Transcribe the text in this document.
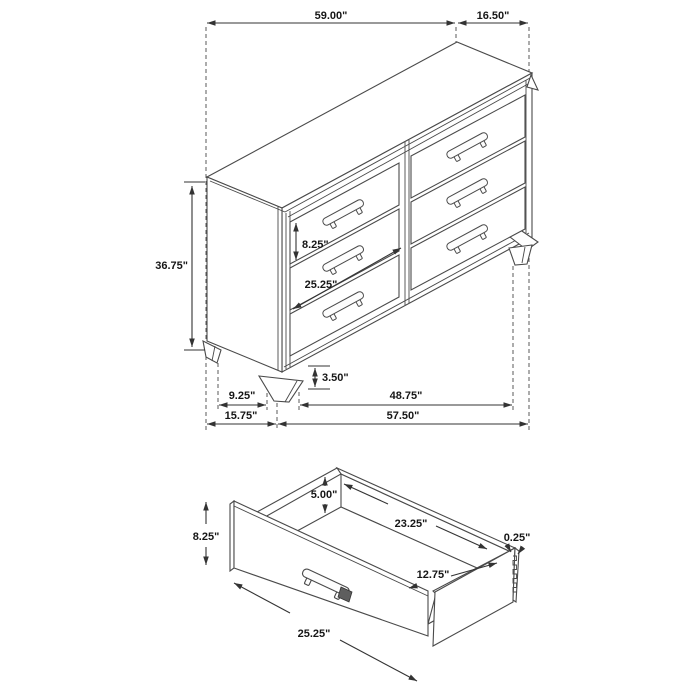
59.00"	16.50"
36.75"
8.25"
25.25"
3.50"
9.25"	48.75"
15.75"	57.50"
8.25"
5.00"
23.25"
0.25"
12.75"
25.25"
